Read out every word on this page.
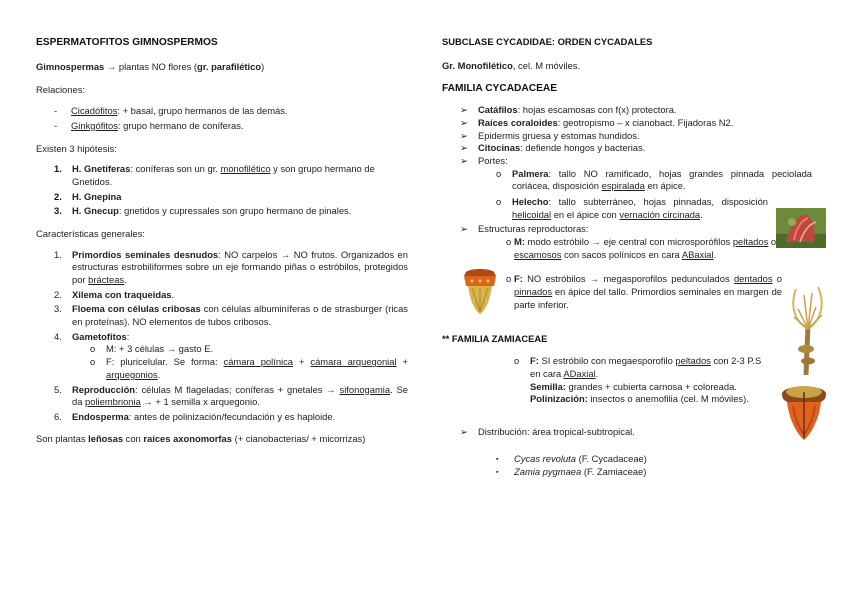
ESPERMATOFITOS GIMNOSPERMOS

Gimnospermas → plantas NO flores (gr. parafilético)

Relaciones:

-	Cicadófitos: + basal, grupo hermanos de las demás.
-	Ginkgófitos: grupo hermano de coníferas.

Existen 3 hipótesis:

1.	H. Gnetiferas: coníferas son un gr. monofilético y son grupo hermano de Gnetidos.
2.	H. Gnepina
3.	H. Gnecup: gnetidos y cupressales son grupo hermano de pinales.

Características generales:

1.	Primordios seminales desnudos: NO carpelos → NO frutos. Organizados en estructuras estrobiliformes sobre un eje formando piñas o estróbilos, protegidos por brácteas.
2.	Xilema con traqueidas.
3.	Floema con células cribosas con células albuminíferas o de strasburger (ricas en proteínas). NO elementos de tubos cribosos.
4.	Gametofitos:
o	M: + 3 células → gasto E.
o	F: pluricelular. Se forma: cámara polínica + cámara arquegonial + arquegonios.
5.	Reproducción: células M flageladas; coníferas + gnetales → sifonogamia. Se da poliembrionia → + 1 semilla x arquegonio.
6.	Endosperma: antes de polinización/fecundación y es haploide.

Son plantas leñosas con raíces axonomorfas (+ cianobacterias/ + micorrizas)

SUBCLASE CYCADIDAE: ORDEN CYCADALES

Gr. Monofilético, cel. M móviles.

FAMILIA CYCADACEAE

➢	Catáfilos: hojas escamosas con f(x) protectora.
➢	Raíces coraloides: geotropismo – x cianobact. Fijadoras N2.
➢	Epidermis gruesa y estomas hundidos.
➢	Citocinas: defiende hongos y bacterias.
➢	Portes:
o	Palmera: tallo NO ramificado, hojas grandes pinnada peciolada coriácea, disposición espiralada en ápice.
o	Helecho: tallo subterráneo, hojas pinnadas, disposición helicoidal en el ápice con vernación circinada.
➢	Estructuras reproductoras:
o M: modo estróbilo → eje central con microsporófilos peltados o escamosos con sacos polínicos en cara ABaxial.
o F: NO estróbilos → megasporofilos pedunculados dentados o pinnados en ápice del tallo. Primordios seminales en margen de parte inferior.

** FAMILIA ZAMIACEAE

o	F: SI estróbilo con megaesporofilo peltados con 2-3 P.S en cara ADaxial.
Semilla: grandes + cubierta carnosa + coloreada.
Polinización: insectos o anemofilia (cel. M móviles).
➢	Distribución: área tropical-subtropical.
▪	Cycas revoluta (F. Cycadaceae)
▪	Zamia pygmaea (F. Zamiaceae)
